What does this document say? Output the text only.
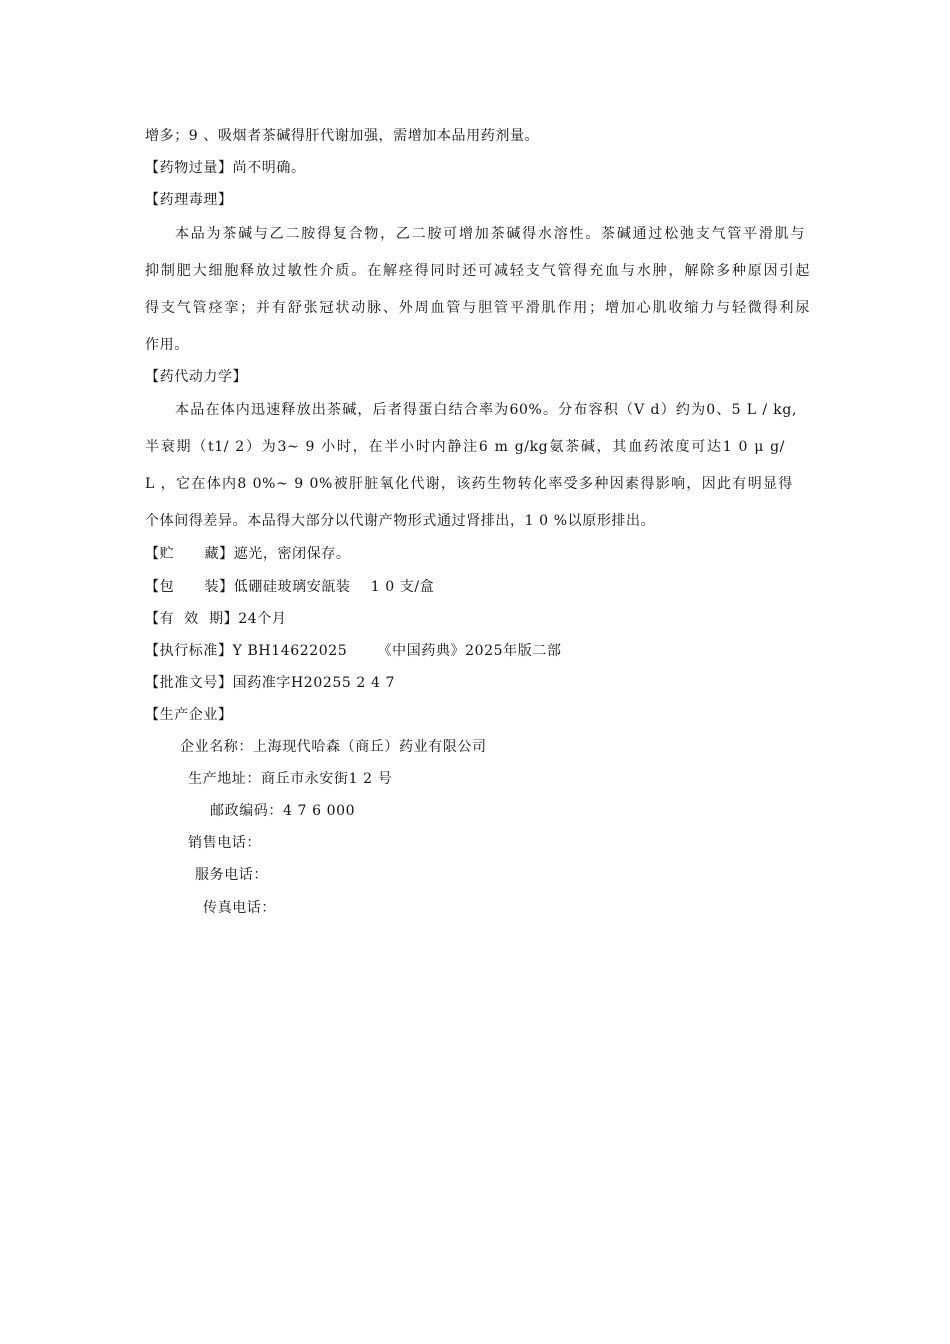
增多；9 、吸烟者茶碱得肝代谢加强，需增加本品用药剂量。
【药物过量】尚不明确。
【药理毒理】
本品为茶碱与乙二胺得复合物，乙二胺可增加茶碱得水溶性。茶碱通过松弛支气管平滑肌与
抑制肥大细胞释放过敏性介质。在解痉得同时还可减轻支气管得充血与水肿，解除多种原因引起
得支气管痉挛；并有舒张冠状动脉、外周血管与胆管平滑肌作用；增加心肌收缩力与轻微得利尿
作用。
【药代动力学】
本品在体内迅速释放出茶碱，后者得蛋白结合率为60%。分布容积（V d）约为0、5 L / kg,
半衰期（t1/ 2）为3~ 9 小时，在半小时内静注6 m g/kg氨茶碱，其血药浓度可达1 0 μ g/
L ，它在体内8 0%~ 9 0%被肝脏氧化代谢，该药生物转化率受多种因素得影响，因此有明显得
个体间得差异。本品得大部分以代谢产物形式通过肾排出，1 0 %以原形排出。
【贮      藏】遮光，密闭保存。
【包      装】低硼硅玻璃安瓿装    1 0 支/盒
【有  效  期】24个月
【执行标准】Y BH14622025      《中国药典》2025年版二部
【批准文号】国药准字H20255 2 4 7
【生产企业】
企业名称：上海现代哈森（商丘）药业有限公司
生产地址：商丘市永安街1 2 号
邮政编码：4 7 6 000
销售电话：
服务电话：
传真电话：
